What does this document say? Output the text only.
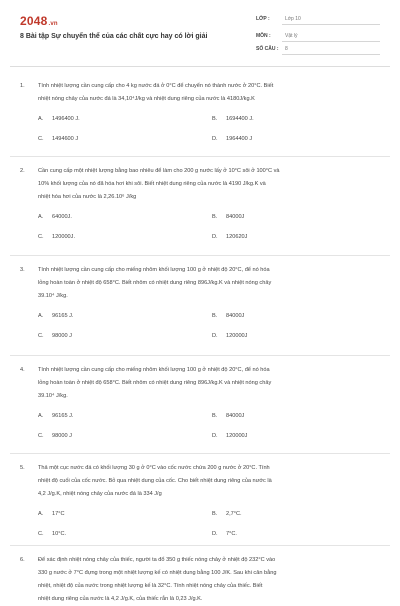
2048.vn
8 Bài tập Sự chuyển thể của các chất cực hay có lời giải
LỚP :	Lớp 10
MÔN :	Vật lý
SỐ CÂU : 8
1. Tính nhiệt lượng cần cung cấp cho 4 kg nước đá ở 0°C để chuyển nó thành nước ở 20°C. Biết
nhiệt nóng chảy của nước đá là 34,10⁴J/kg và nhiệt dung riêng của nước là 4180J/kg.K
A. 1496400 J.	B. 1694400 J.
C. 1494600 J	D. 1964400 J
2. Cần cung cấp một nhiệt lượng bằng bao nhiêu để làm cho 200 g nước lấy ở 10°C sôi ở 100°C và
10% khối lượng của nó đã hóa hơi khi sôi. Biết nhiệt dung riêng của nước là 4190 J/kg.K và
nhiệt hóa hơi của nước là 2,26.10⁶ J/kg
A. 64000J.	B. 84000J
C. 120000J.	D. 120620J
3. Tính nhiệt lượng cần cung cấp cho miếng nhôm khối lượng 100 g ở nhiệt độ 20°C, để nó hóa
lỏng hoàn toàn ở nhiệt độ 658°C. Biết nhôm có nhiệt dung riêng 896J/kg.K và nhiệt nóng chảy
39.10⁴ J/kg.
A. 96165 J.	B. 84000J
C. 98000 J	D. 120000J
4. Tính nhiệt lượng cần cung cấp cho miếng nhôm khối lượng 100 g ở nhiệt độ 20°C, để nó hóa
lỏng hoàn toàn ở nhiệt độ 658°C. Biết nhôm có nhiệt dung riêng 896J/kg.K và nhiệt nóng chảy
39.10⁴ J/kg.
A. 96165 J.	B. 84000J
C. 98000 J	D. 120000J
5. Thả một cục nước đá có khối lượng 30 g ở 0°C vào cốc nước chứa 200 g nước ở 20°C. Tính
nhiệt độ cuối của cốc nước. Bỏ qua nhiệt dung của cốc. Cho biết nhiệt dung riêng của nước là
4,2 J/g.K, nhiệt nóng chảy của nước đá là 334 J/g
A. 17°C	B. 2,7°C.
C. 10°C.	D. 7°C.
6. Để xác định nhiệt nóng chảy của thiếc, người ta đổ 350 g thiếc nóng chảy ở nhiệt độ 232°C vào
330 g nước ở 7°C đựng trong một nhiệt lượng kế có nhiệt dung bằng 100 J/K. Sau khi cân bằng
nhiệt, nhiệt độ của nước trong nhiệt lượng kế là 32°C. Tính nhiệt nóng chảy của thiếc. Biết
nhiệt dung riêng của nước là 4,2 J/g.K, của thiếc rắn là 0,23 J/g.K.
